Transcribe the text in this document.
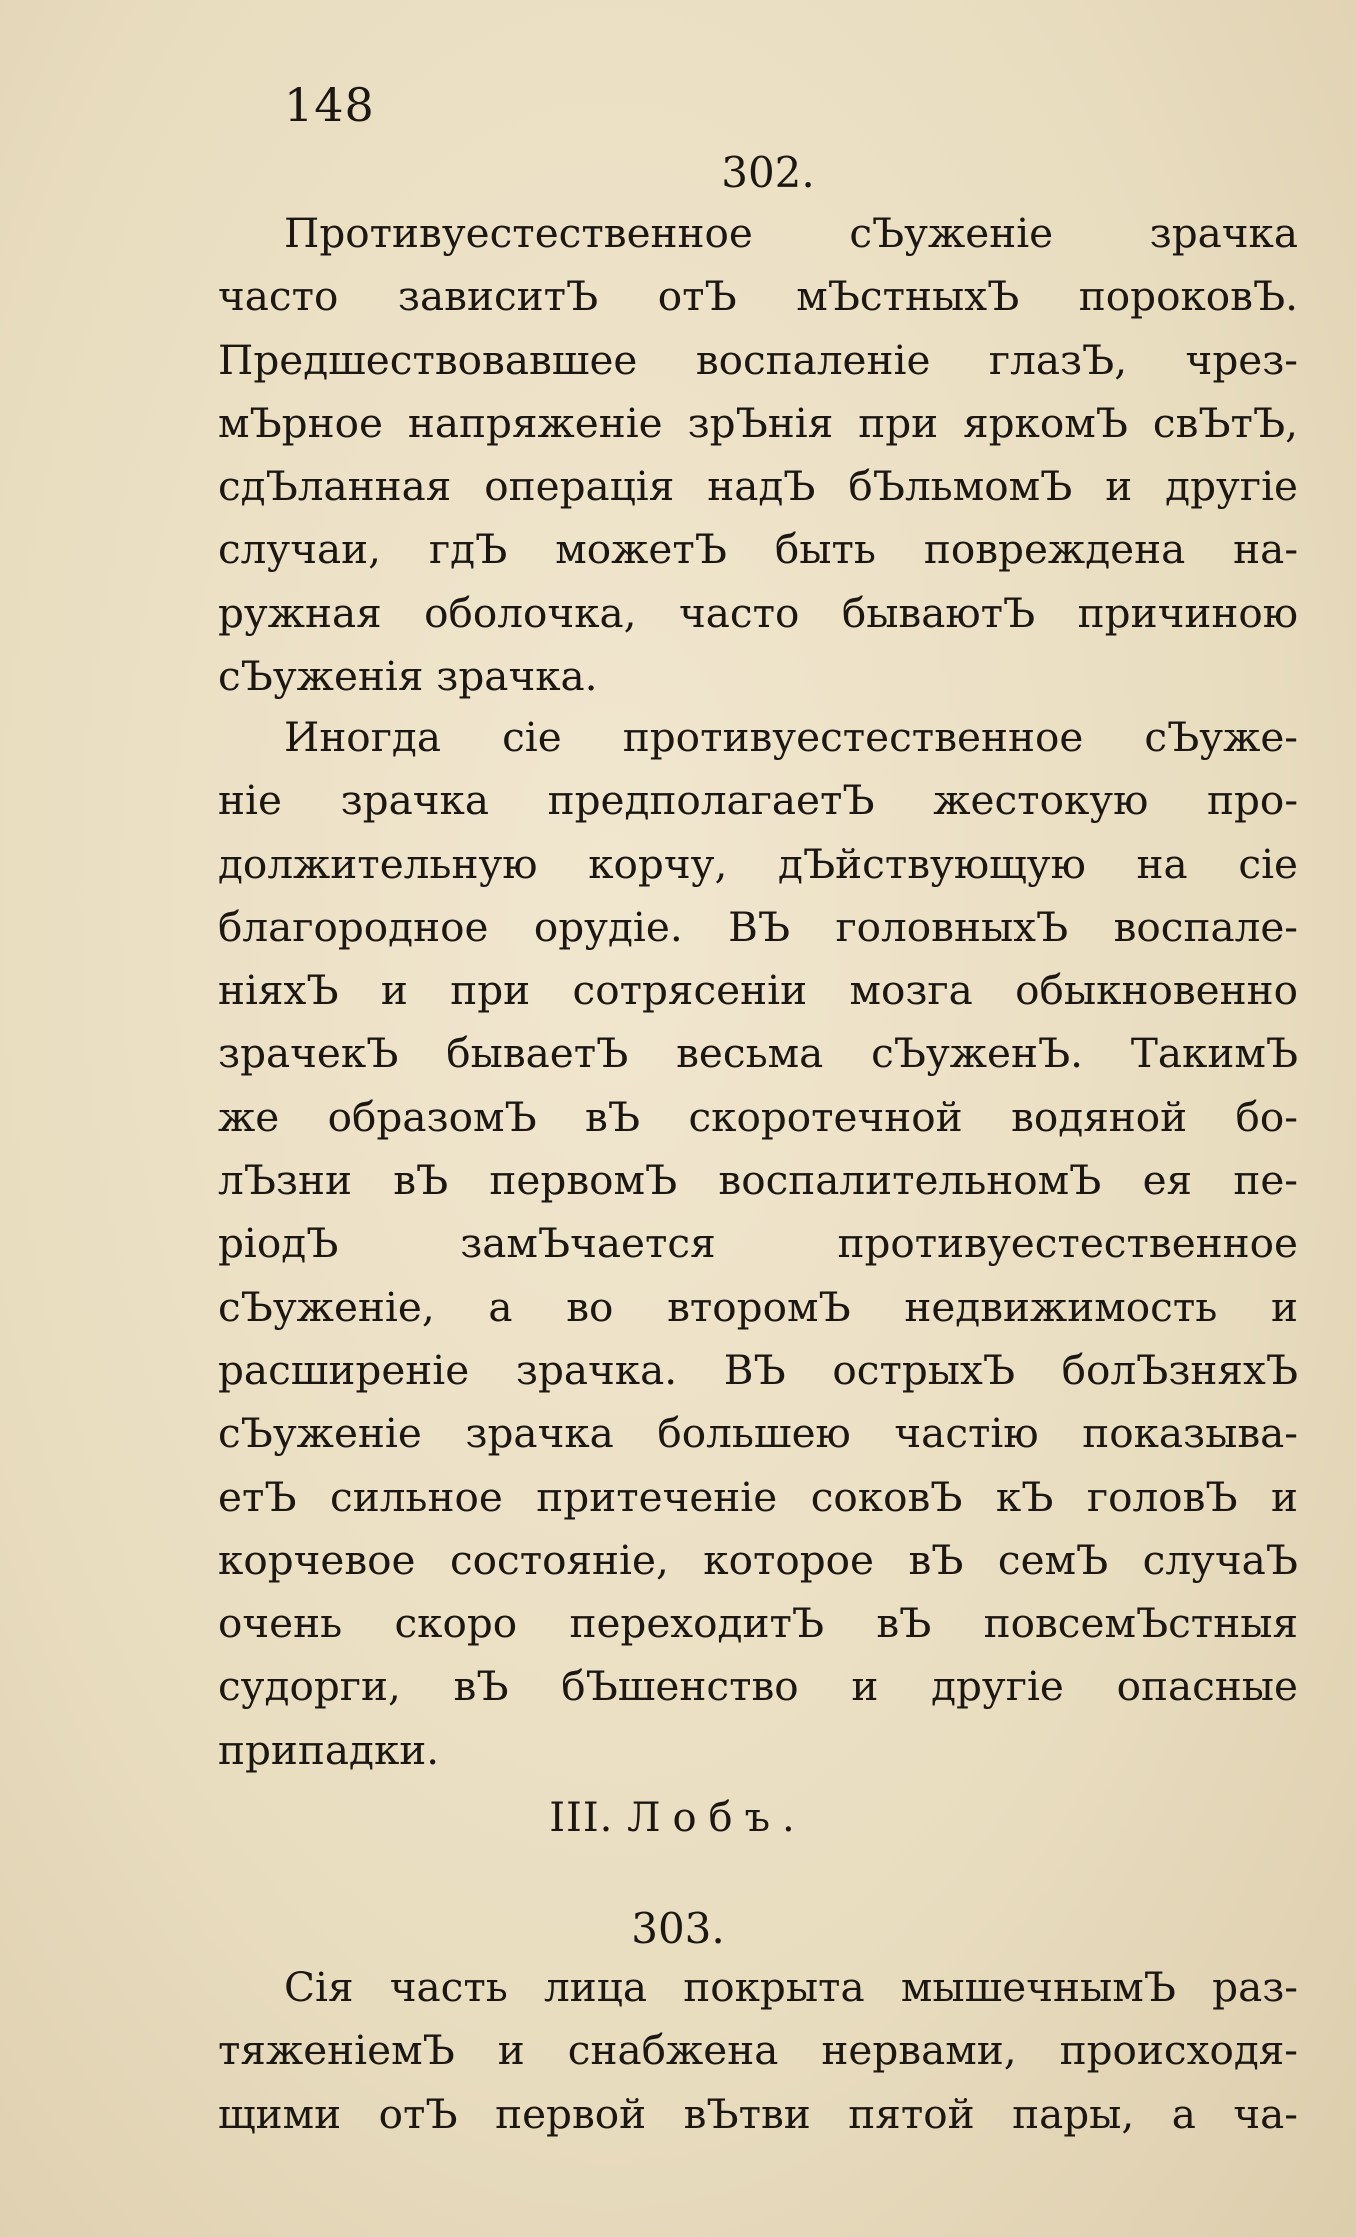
148
302.
Противуестественное сЪуженіе зрачка
часто зависитЪ отЪ мЪстныхЪ пороковЪ.
Предшествовавшее воспаленіе глазЪ, чрез-
мЪрное напряженіе зрЪнія при яркомЪ свЪтЪ,
сдЪланная операція надЪ бЪльмомЪ и другіе
случаи, гдЪ можетЪ быть повреждена на-
ружная оболочка, часто бываютЪ причиною
сЪуженія зрачка.
Иногда сіе противуестественное сЪуже-
ніе зрачка предполагаетЪ жестокую про-
должительную корчу, дЪйствующую на сіе
благородное орудіе. ВЪ головныхЪ воспале-
ніяхЪ и при сотрясеніи мозга обыкновенно
зрачекЪ бываетЪ весьма сЪуженЪ. ТакимЪ
же образомЪ вЪ скоротечной водяной бо-
лЪзни вЪ первомЪ воспалительномЪ ея пе-
ріодЪ замЪчается противуестественное
сЪуженіе, а во второмЪ недвижимость и
расширеніе зрачка. ВЪ острыхЪ болЪзняхЪ
сЪуженіе зрачка большею частію показыва-
етЪ сильное притеченіе соковЪ кЪ головЪ и
корчевое состояніе, которое вЪ семЪ случаЪ
очень скоро переходитЪ вЪ повсемЪстныя
судорги, вЪ бЪшенство и другіе опасные
припадки.
III. Лобъ.
303.
Сія часть лица покрыта мышечнымЪ раз-
тяженіемЪ и снабжена нервами, происходя-
щими отЪ первой вЪтви пятой пары, а ча-
